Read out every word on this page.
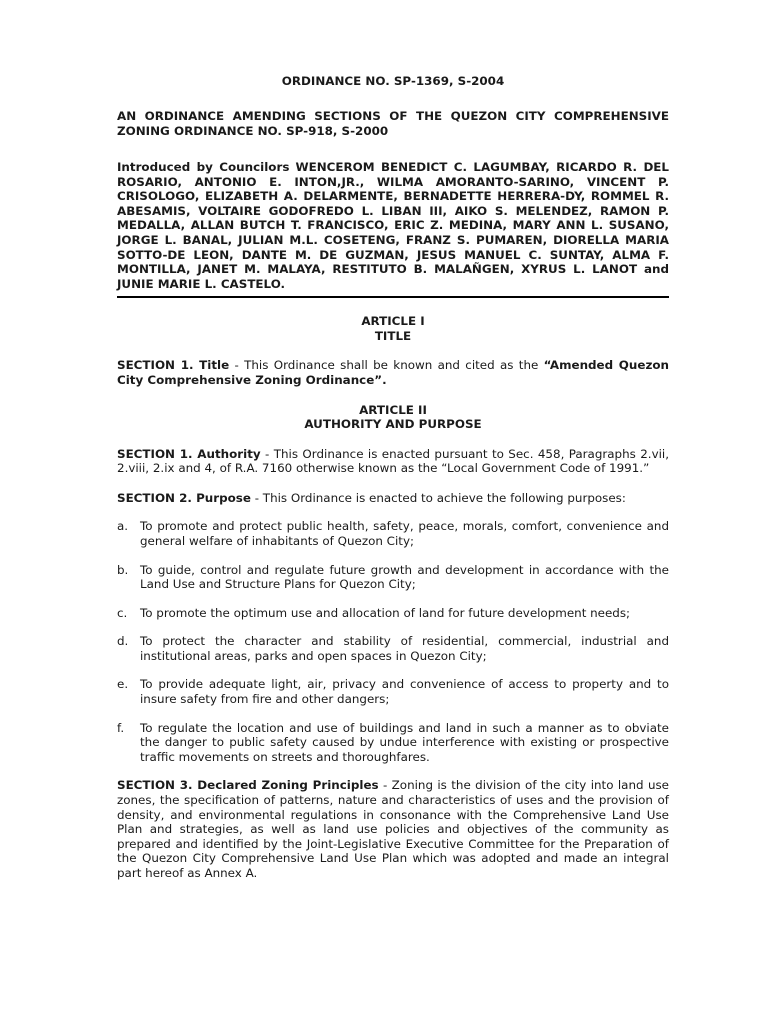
ORDINANCE NO. SP-1369, S-2004

AN ORDINANCE AMENDING SECTIONS OF THE QUEZON CITY COMPREHENSIVE ZONING ORDINANCE NO. SP-918, S-2000

Introduced by Councilors WENCEROM BENEDICT C. LAGUMBAY, RICARDO R. DEL ROSARIO, ANTONIO E. INTON,JR., WILMA AMORANTO-SARINO, VINCENT P. CRISOLOGO, ELIZABETH A. DELARMENTE, BERNADETTE HERRERA-DY, ROMMEL R. ABESAMIS, VOLTAIRE GODOFREDO L. LIBAN III, AIKO S. MELENDEZ, RAMON P. MEDALLA, ALLAN BUTCH T. FRANCISCO, ERIC Z. MEDINA, MARY ANN L. SUSANO, JORGE L. BANAL, JULIAN M.L. COSETENG, FRANZ S. PUMAREN, DIORELLA MARIA SOTTO-DE LEON, DANTE M. DE GUZMAN, JESUS MANUEL C. SUNTAY, ALMA F. MONTILLA, JANET M. MALAYA, RESTITUTO B. MALAÑGEN, XYRUS L. LANOT and JUNIE MARIE L. CASTELO.

ARTICLE I

TITLE

SECTION 1. Title - This Ordinance shall be known and cited as the “Amended Quezon City Comprehensive Zoning Ordinance”.

ARTICLE II

AUTHORITY AND PURPOSE

SECTION 1. Authority - This Ordinance is enacted pursuant to Sec. 458, Paragraphs 2.vii, 2.viii, 2.ix and 4, of R.A. 7160 otherwise known as the “Local Government Code of 1991.”

SECTION 2. Purpose - This Ordinance is enacted to achieve the following purposes:

a. To promote and protect public health, safety, peace, morals, comfort, convenience and general welfare of inhabitants of Quezon City;
b. To guide, control and regulate future growth and development in accordance with the Land Use and Structure Plans for Quezon City;
c. To promote the optimum use and allocation of land for future development needs;
d. To protect the character and stability of residential, commercial, industrial and institutional areas, parks and open spaces in Quezon City;
e. To provide adequate light, air, privacy and convenience of access to property and to insure safety from fire and other dangers;
f. To regulate the location and use of buildings and land in such a manner as to obviate the danger to public safety caused by undue interference with existing or prospective traffic movements on streets and thoroughfares.

SECTION 3. Declared Zoning Principles - Zoning is the division of the city into land use zones, the specification of patterns, nature and characteristics of uses and the provision of density, and environmental regulations in consonance with the Comprehensive Land Use Plan and strategies, as well as land use policies and objectives of the community as prepared and identified by the Joint-Legislative Executive Committee for the Preparation of the Quezon City Comprehensive Land Use Plan which was adopted and made an integral part hereof as Annex A.
